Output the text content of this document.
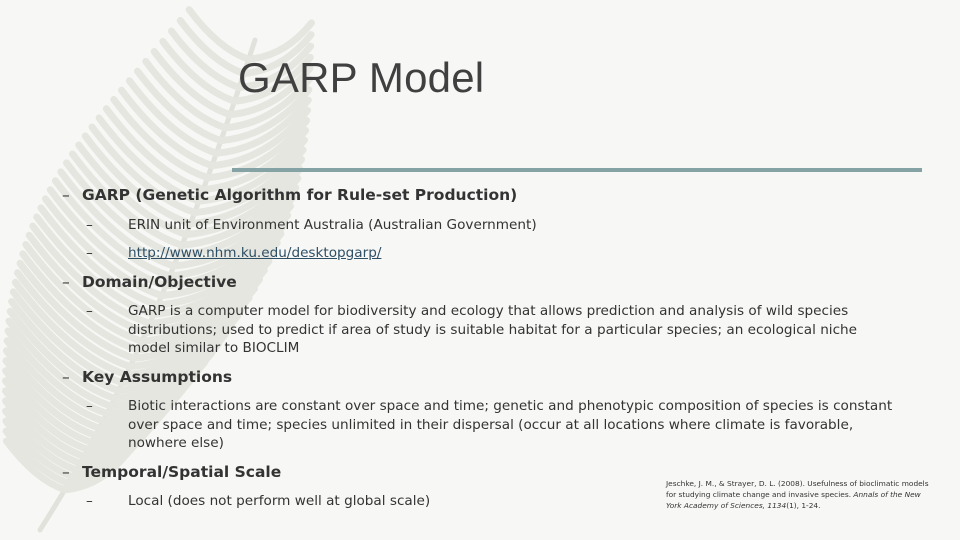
GARP Model
– GARP (Genetic Algorithm for Rule-set Production)
–	ERIN unit of Environment Australia (Australian Government)
–	http://www.nhm.ku.edu/desktopgarp/
– Domain/Objective
–	GARP is a computer model for biodiversity and ecology that allows prediction and analysis of wild species distributions; used to predict if area of study is suitable habitat for a particular species; an ecological niche model similar to BIOCLIM
– Key Assumptions
–	Biotic interactions are constant over space and time; genetic and phenotypic composition of species is constant over space and time; species unlimited in their dispersal (occur at all locations where climate is favorable, nowhere else)
– Temporal/Spatial Scale
–	Local (does not perform well at global scale)
Jeschke, J. M., & Strayer, D. L. (2008). Usefulness of bioclimatic models for studying climate change and invasive species. Annals of the New York Academy of Sciences, 1134(1), 1-24.
